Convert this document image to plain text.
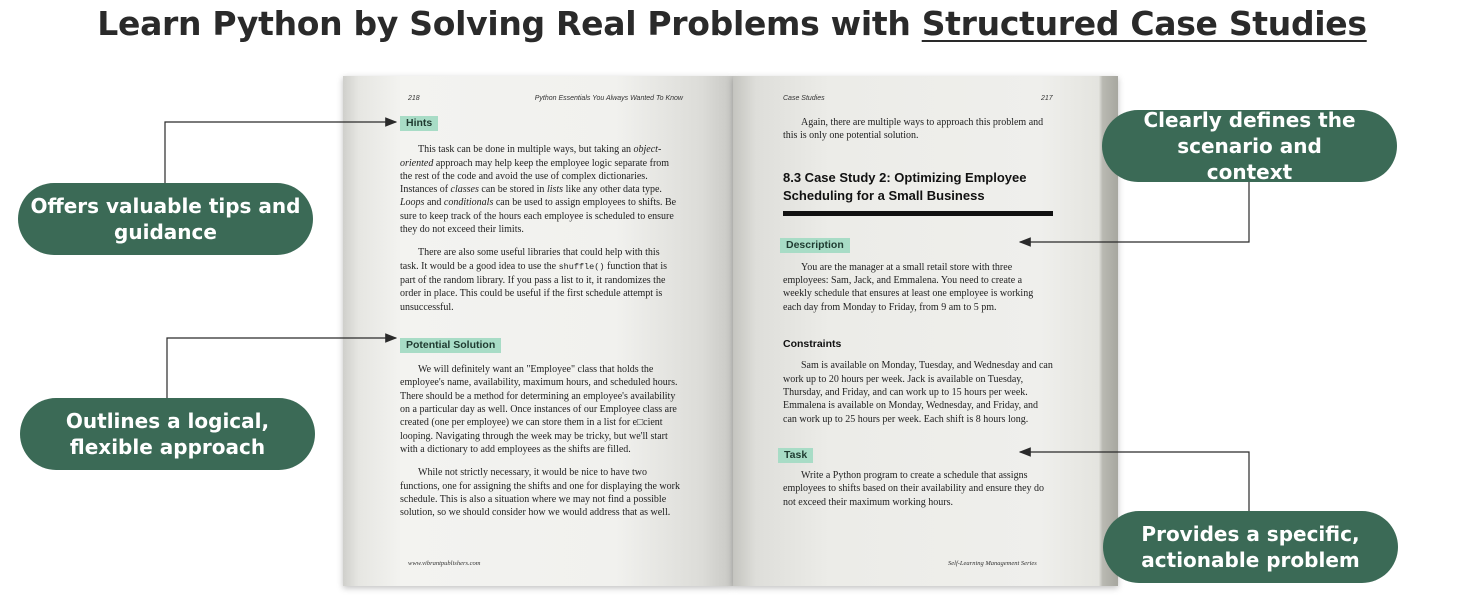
Learn Python by Solving Real Problems with Structured Case Studies
218	Python Essentials You Always Wanted To Know
Hints

This task can be done in multiple ways, but taking an object-oriented approach may help keep the employee logic separate from the rest of the code and avoid the use of complex dictionaries. Instances of classes can be stored in lists like any other data type. Loops and conditionals can be used to assign employees to shifts. Be sure to keep track of the hours each employee is scheduled to ensure they do not exceed their limits.

There are also some useful libraries that could help with this task. It would be a good idea to use the shuffle() function that is part of the random library. If you pass a list to it, it randomizes the order in place. This could be useful if the first schedule attempt is unsuccessful.

Potential Solution

We will definitely want an "Employee" class that holds the employee's name, availability, maximum hours, and scheduled hours. There should be a method for determining an employee's availability on a particular day as well. Once instances of our Employee class are created (one per employee) we can store them in a list for e□cient looping. Navigating through the week may be tricky, but we'll start with a dictionary to add employees as the shifts are filled.

While not strictly necessary, it would be nice to have two functions, one for assigning the shifts and one for displaying the work schedule. This is also a situation where we may not find a possible solution, so we should consider how we would address that as well.

www.vibrantpublishers.com
Case Studies	217

Again, there are multiple ways to approach this problem and this is only one potential solution.

8.3 Case Study 2: Optimizing Employee Scheduling for a Small Business
Description

You are the manager at a small retail store with three employees: Sam, Jack, and Emmalena. You need to create a weekly schedule that ensures at least one employee is working each day from Monday to Friday, from 9 am to 5 pm.

Constraints

Sam is available on Monday, Tuesday, and Wednesday and can work up to 20 hours per week. Jack is available on Tuesday, Thursday, and Friday, and can work up to 15 hours per week. Emmalena is available on Monday, Wednesday, and Friday, and can work up to 25 hours per week. Each shift is 8 hours long.

Task

Write a Python program to create a schedule that assigns employees to shifts based on their availability and ensure they do not exceed their maximum working hours.

Self-Learning Management Series
Offers valuable tips and guidance
Outlines a logical, flexible approach
Clearly defines the scenario and context
Provides a specific, actionable problem
